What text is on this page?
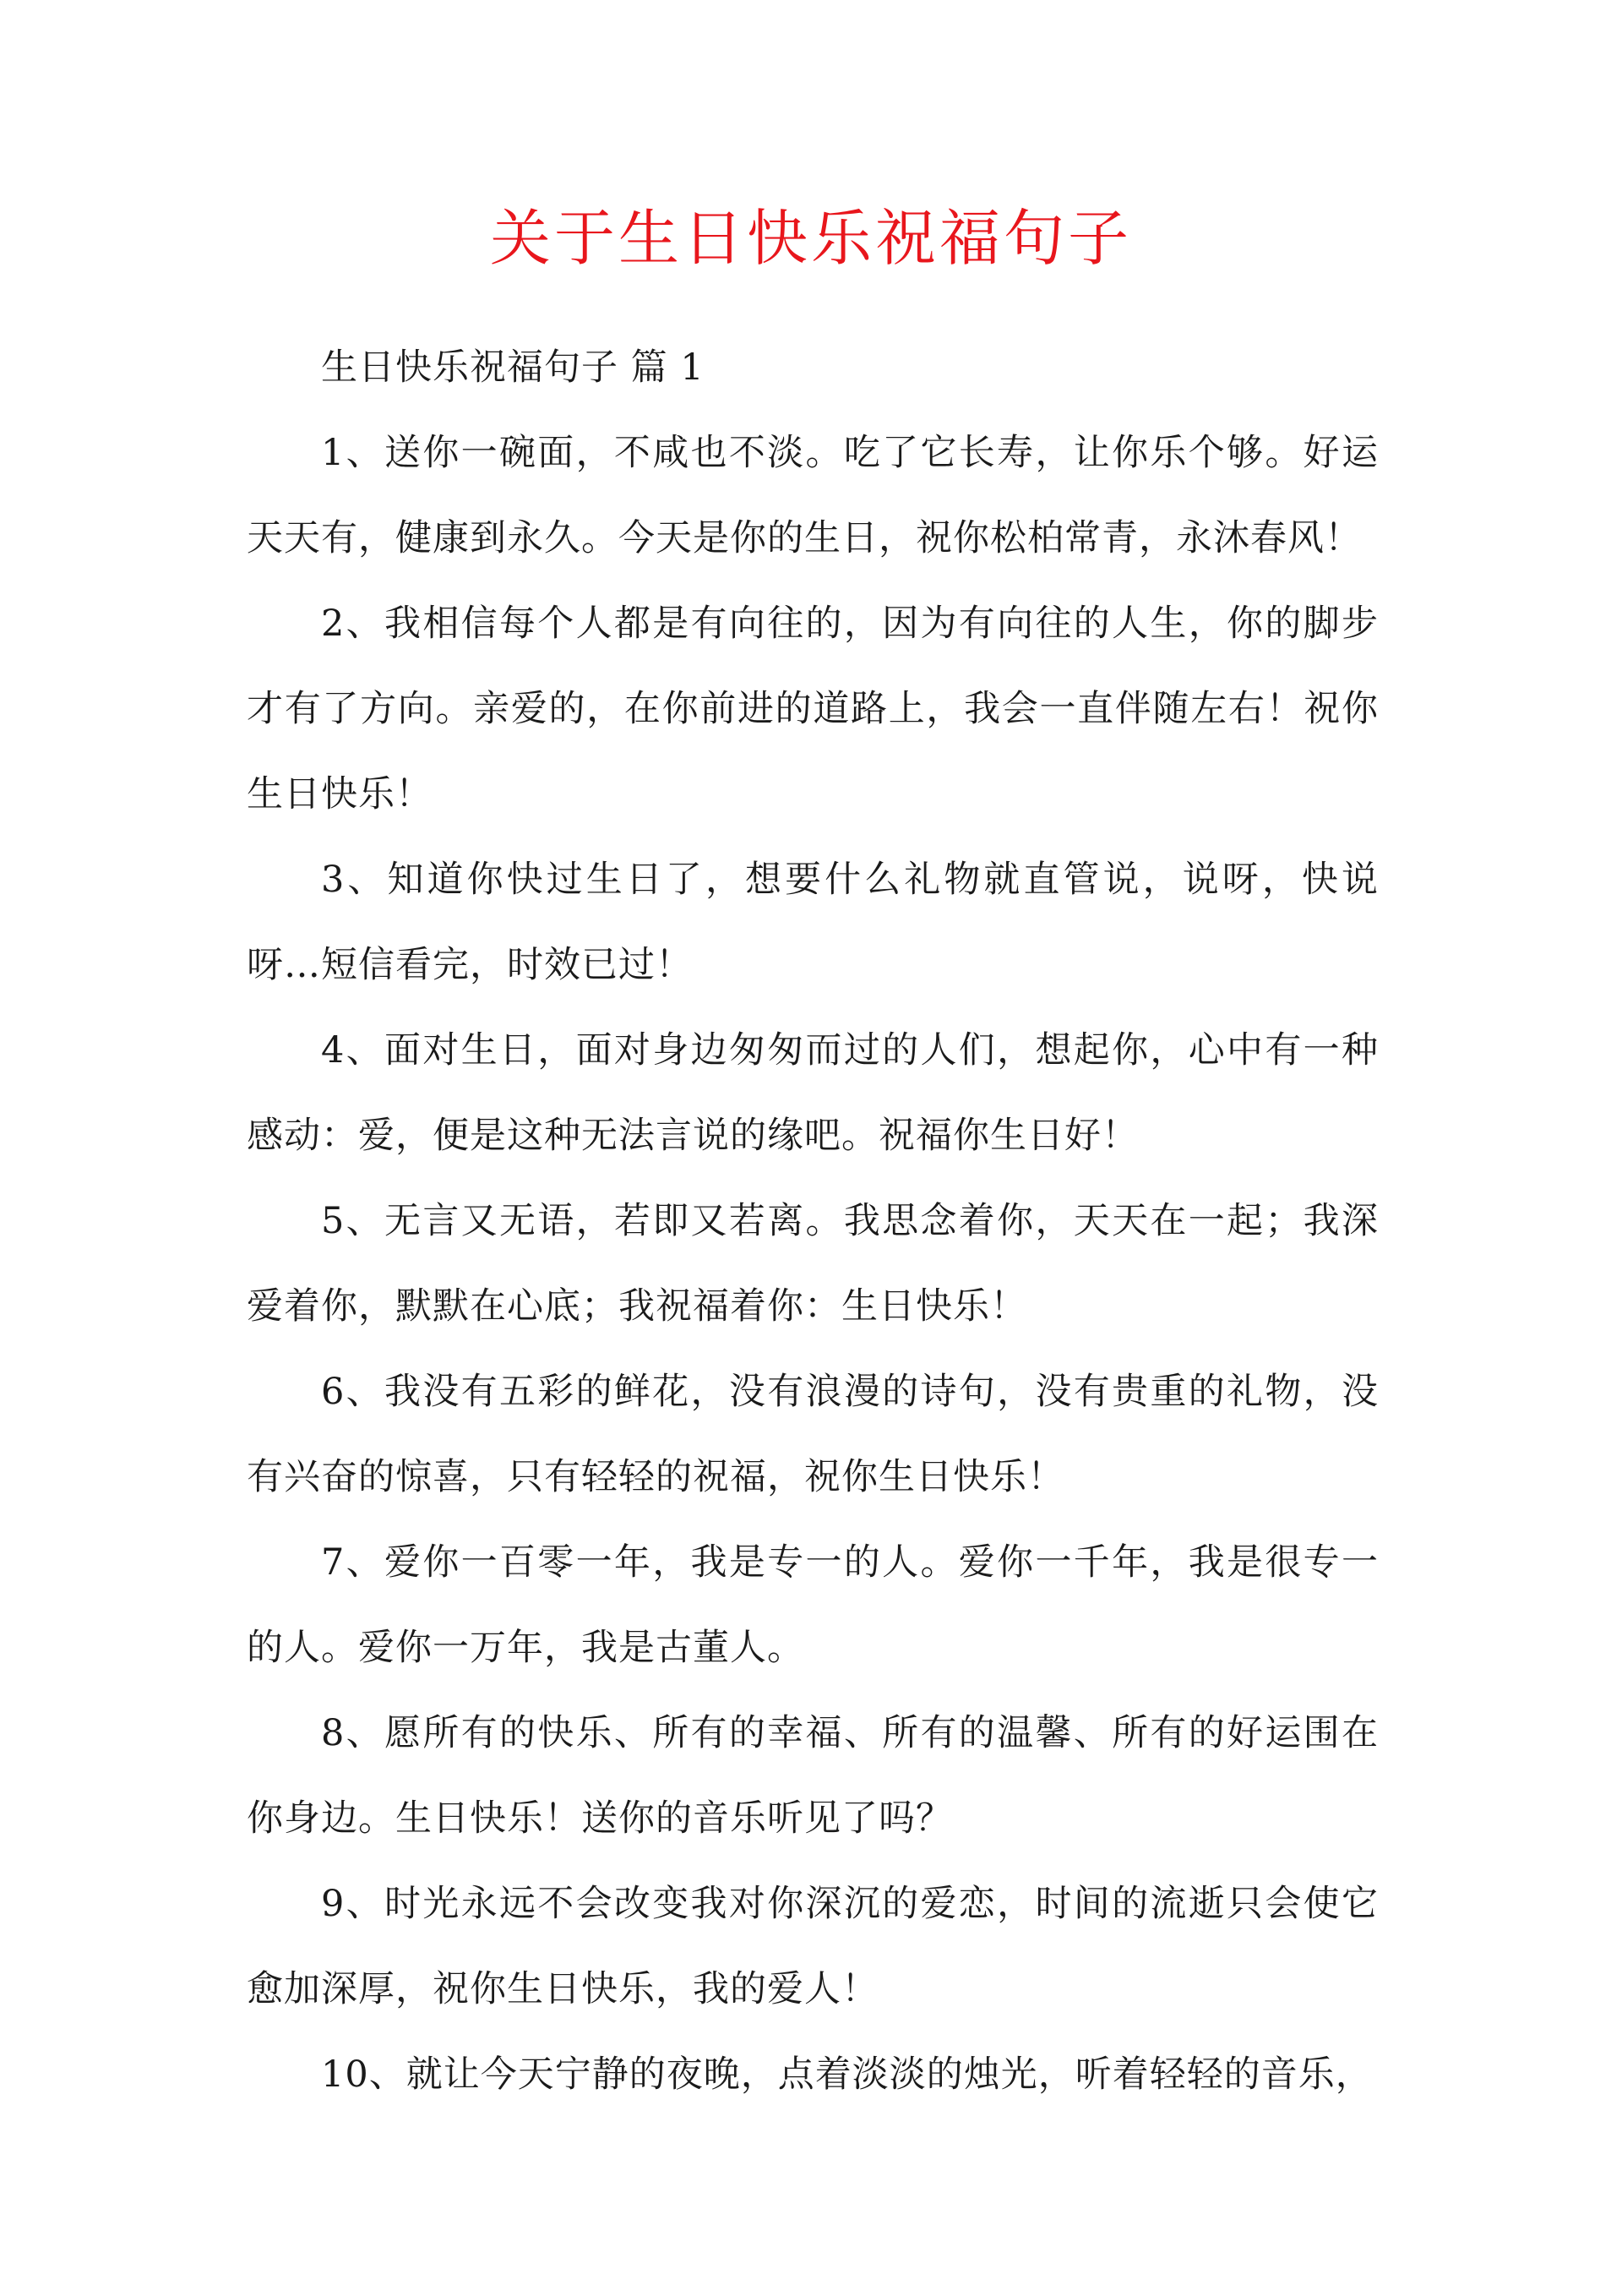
关于生日快乐祝福句子

生日快乐祝福句子 篇 1

1、送你一碗面，不咸也不淡。吃了它长寿，让你乐个够。好运天天有，健康到永久。今天是你的生日，祝你松柏常青，永沐春风！

2、我相信每个人都是有向往的，因为有向往的人生，你的脚步才有了方向。亲爱的，在你前进的道路上，我会一直伴随左右！祝你生日快乐！

3、知道你快过生日了，想要什么礼物就直管说，说呀，快说呀…短信看完，时效已过！

4、面对生日，面对身边匆匆而过的人们，想起你，心中有一种感动：爱，便是这种无法言说的缘吧。祝福你生日好！

5、无言又无语，若即又若离。我思念着你，天天在一起；我深爱着你，默默在心底；我祝福着你：生日快乐！

6、我没有五彩的鲜花，没有浪漫的诗句，没有贵重的礼物，没有兴奋的惊喜，只有轻轻的祝福，祝你生日快乐！

7、爱你一百零一年，我是专一的人。爱你一千年，我是很专一的人。爱你一万年，我是古董人。

8、愿所有的快乐、所有的幸福、所有的温馨、所有的好运围在你身边。生日快乐！送你的音乐听见了吗？

9、时光永远不会改变我对你深沉的爱恋，时间的流逝只会使它愈加深厚，祝你生日快乐，我的爱人！

10、就让今天宁静的夜晚，点着淡淡的烛光，听着轻轻的音乐，
